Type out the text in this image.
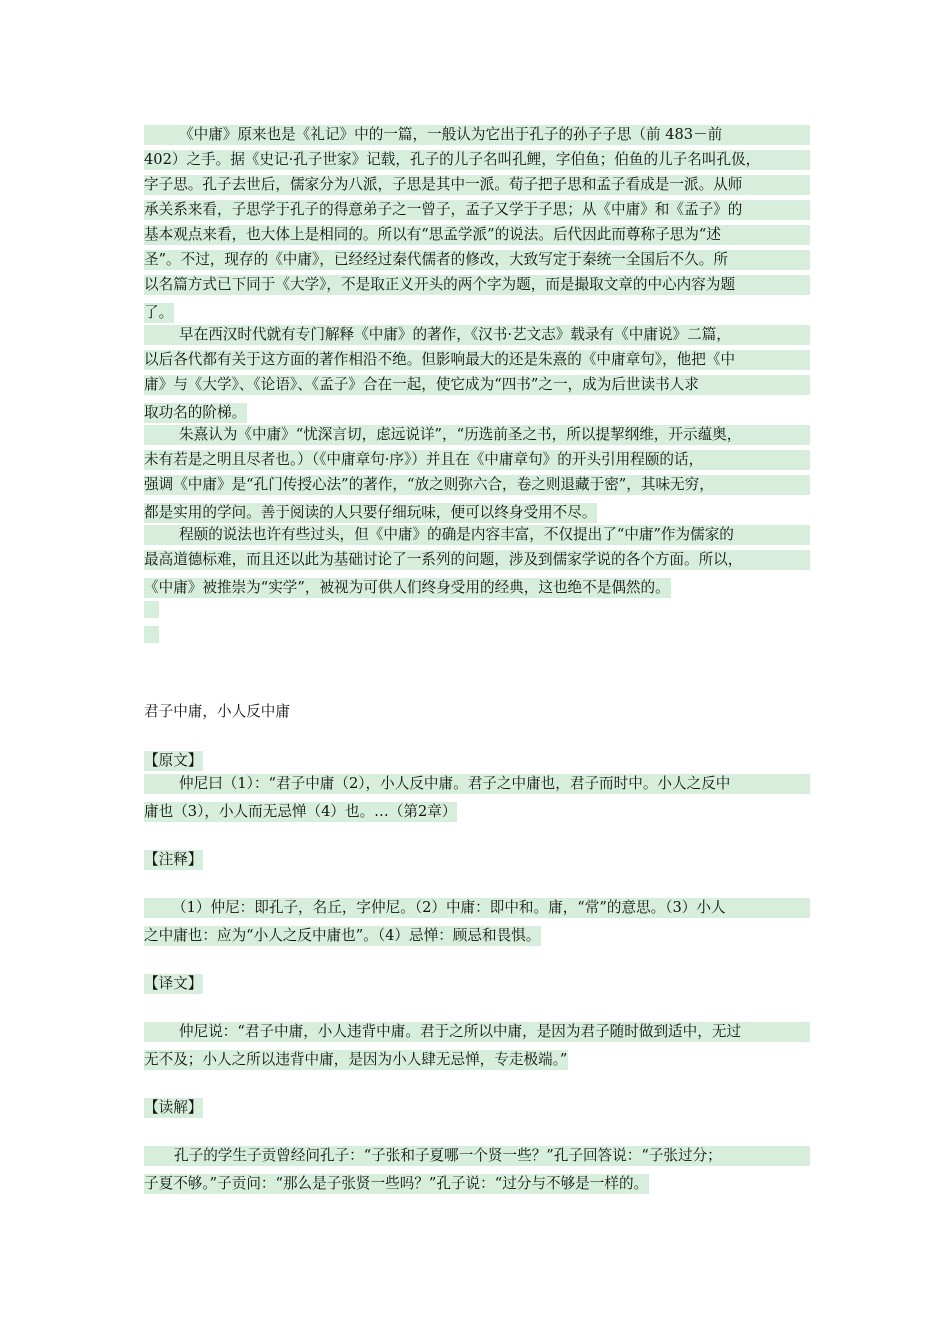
《中庸》原来也是《礼记》中的一篇，一般认为它出于孔子的孙子子思（前 483－前
402）之手。据《史记·孔子世家》记载，孔子的儿子名叫孔鲤，字伯鱼；伯鱼的儿子名叫孔伋，
字子思。孔子去世后，儒家分为八派，子思是其中一派。荀子把子思和孟子看成是一派。从师
承关系来看，子思学于孔子的得意弟子之一曾子，孟子又学于子思；从《中庸》和《孟子》的
基本观点来看，也大体上是相同的。所以有“思孟学派”的说法。后代因此而尊称子思为“述
圣”。不过，现存的《中庸》，已经经过秦代儒者的修改，大致写定于秦统一全国后不久。所
以名篇方式已下同于《大学》，不是取正义开头的两个字为题，而是撮取文章的中心内容为题
了。
早在西汉时代就有专门解释《中庸》的著作，《汉书·艺文志》载录有《中庸说》二篇，
以后各代都有关于这方面的著作相沿不绝。但影响最大的还是朱熹的《中庸章句》，他把《中
庸》与《大学》、《论语》、《孟子》合在一起，使它成为“四书”之一，成为后世读书人求
取功名的阶梯。
朱熹认为《中庸》“忧深言切，虑远说详”，“历选前圣之书，所以提挈纲维，开示蕴奥，
未有若是之明且尽者也。）（《中庸章句·序》）并且在《中庸章句》的开头引用程颐的话，
强调《中庸》是“孔门传授心法”的著作，“放之则弥六合，卷之则退藏于密”，其味无穷，
都是实用的学问。善于阅读的人只要仔细玩味，便可以终身受用不尽。
程颐的说法也许有些过头，但《中庸》的确是内容丰富，不仅提出了“中庸”作为儒家的
最高道德标难，而且还以此为基础讨论了一系列的问题，涉及到儒家学说的各个方面。所以，
《中庸》被推崇为“实学”，被视为可供人们终身受用的经典，这也绝不是偶然的。
君子中庸，小人反中庸
【原文】
仲尼曰（1）：“君子中庸（2），小人反中庸。君子之中庸也，君子而时中。小人之反中
庸也（3），小人而无忌惮（4）也。…（第2章）
【注释】
（1）仲尼：即孔子，名丘，字仲尼。（2）中庸：即中和。庸，“常”的意思。（3）小人
之中庸也：应为“小人之反中庸也”。（4）忌惮：顾忌和畏惧。
【译文】
仲尼说：“君子中庸，小人违背中庸。君于之所以中庸，是因为君子随时做到适中，无过
无不及；小人之所以违背中庸，是因为小人肆无忌惮，专走极端。”
【读解】
孔子的学生子贡曾经问孔子：“子张和子夏哪一个贤一些？”孔子回答说：“子张过分；
子夏不够。”子贡问：“那么是子张贤一些吗？”孔子说：“过分与不够是一样的。
